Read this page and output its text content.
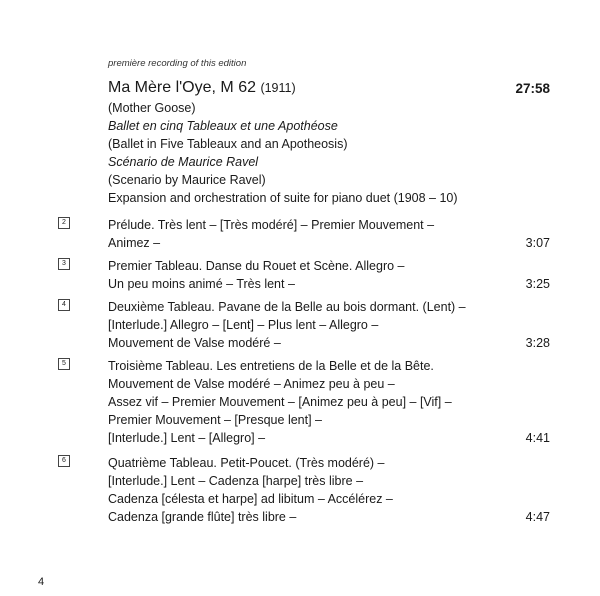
première recording of this edition
Ma Mère l'Oye, M 62 (1911)	27:58
(Mother Goose)
Ballet en cinq Tableaux et une Apothéose
(Ballet in Five Tableaux and an Apotheosis)
Scénario de Maurice Ravel
(Scenario by Maurice Ravel)
Expansion and orchestration of suite for piano duet (1908 – 10)
2	Prélude. Très lent – [Très modéré] – Premier Mouvement –
Animez –	3:07
3	Premier Tableau. Danse du Rouet et Scène. Allegro –
Un peu moins animé – Très lent –	3:25
4	Deuxième Tableau. Pavane de la Belle au bois dormant. (Lent) –
[Interlude.] Allegro – [Lent] – Plus lent – Allegro –
Mouvement de Valse modéré –	3:28
5	Troisième Tableau. Les entretiens de la Belle et de la Bête.
Mouvement de Valse modéré – Animez peu à peu –
Assez vif – Premier Mouvement – [Animez peu à peu] – [Vif] –
Premier Mouvement – [Presque lent] –
[Interlude.] Lent – [Allegro] –	4:41
6	Quatrième Tableau. Petit-Poucet. (Très modéré) –
[Interlude.] Lent – Cadenza [harpe] très libre –
Cadenza [célesta et harpe] ad libitum – Accélérez –
Cadenza [grande flûte] très libre –	4:47
4
